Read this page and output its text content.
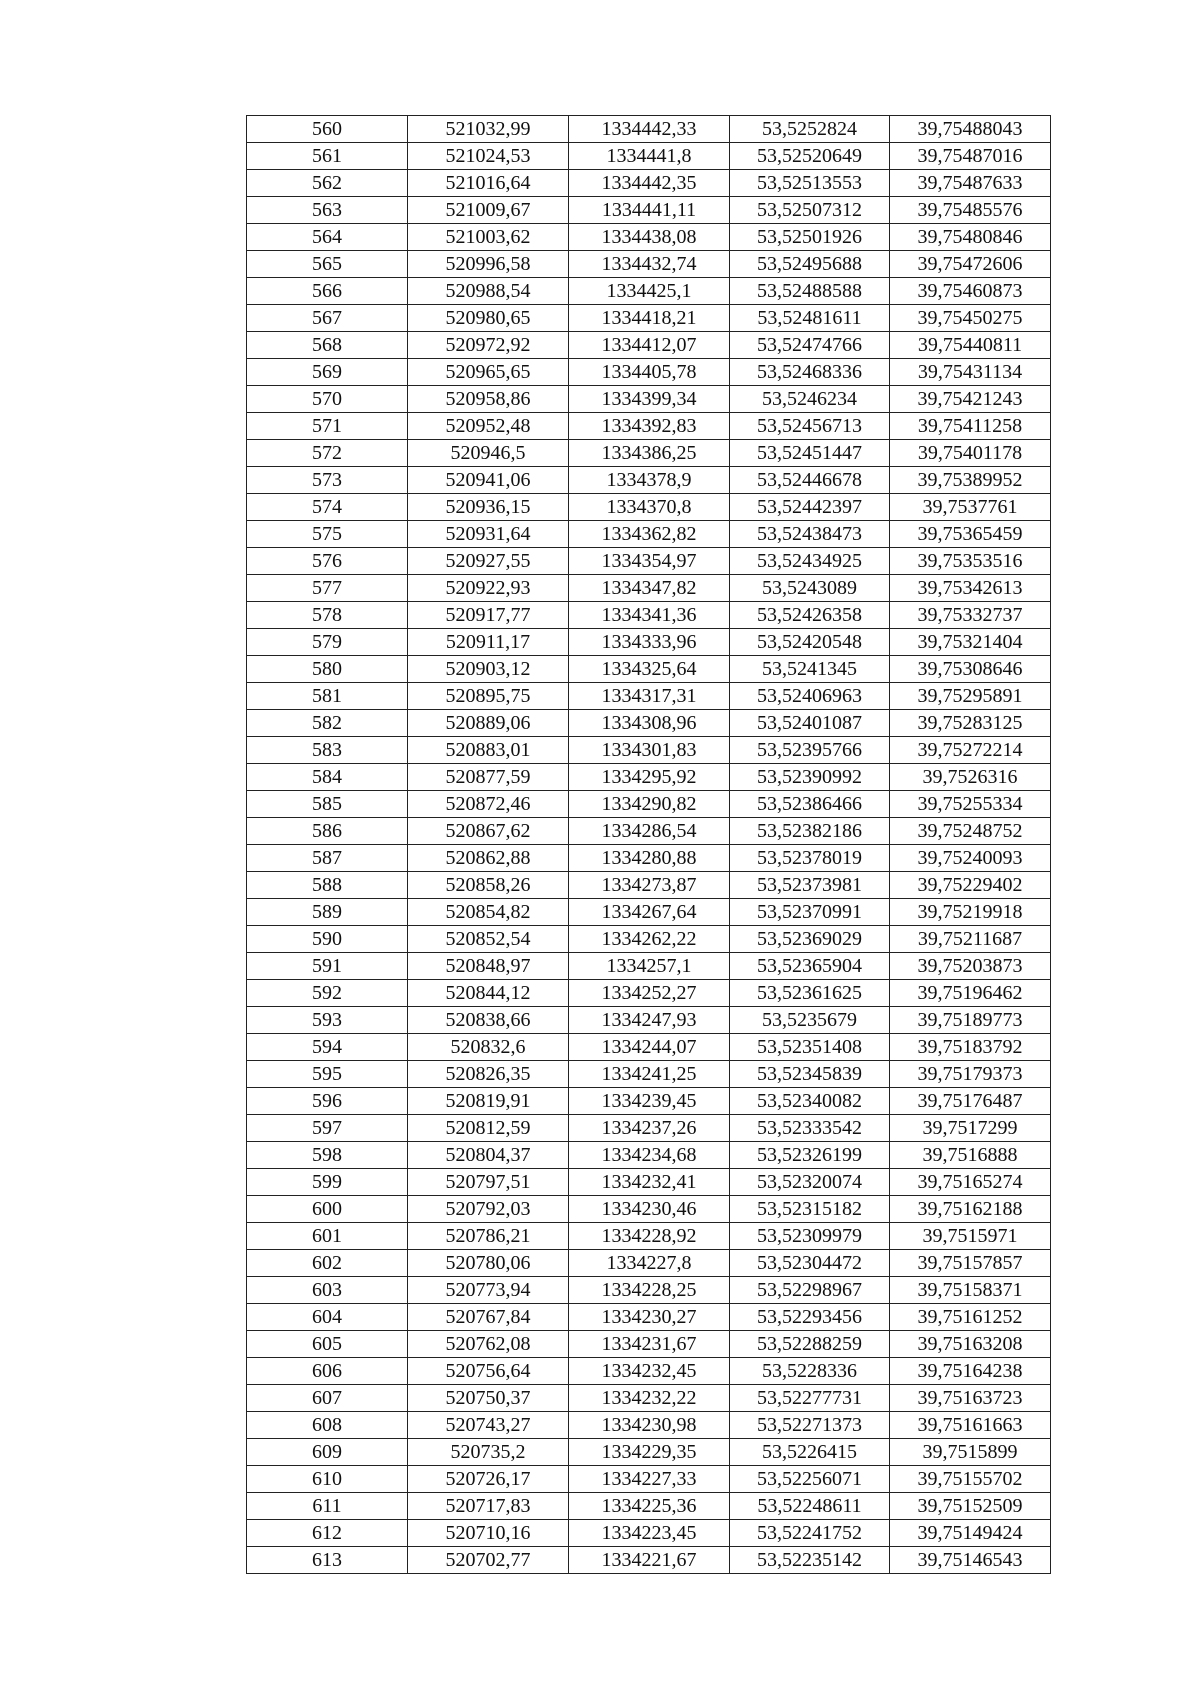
560	521032,99	1334442,33	53,5252824	39,75488043
561	521024,53	1334441,8	53,52520649	39,75487016
562	521016,64	1334442,35	53,52513553	39,75487633
563	521009,67	1334441,11	53,52507312	39,75485576
564	521003,62	1334438,08	53,52501926	39,75480846
565	520996,58	1334432,74	53,52495688	39,75472606
566	520988,54	1334425,1	53,52488588	39,75460873
567	520980,65	1334418,21	53,52481611	39,75450275
568	520972,92	1334412,07	53,52474766	39,75440811
569	520965,65	1334405,78	53,52468336	39,75431134
570	520958,86	1334399,34	53,5246234	39,75421243
571	520952,48	1334392,83	53,52456713	39,75411258
572	520946,5	1334386,25	53,52451447	39,75401178
573	520941,06	1334378,9	53,52446678	39,75389952
574	520936,15	1334370,8	53,52442397	39,7537761
575	520931,64	1334362,82	53,52438473	39,75365459
576	520927,55	1334354,97	53,52434925	39,75353516
577	520922,93	1334347,82	53,5243089	39,75342613
578	520917,77	1334341,36	53,52426358	39,75332737
579	520911,17	1334333,96	53,52420548	39,75321404
580	520903,12	1334325,64	53,5241345	39,75308646
581	520895,75	1334317,31	53,52406963	39,75295891
582	520889,06	1334308,96	53,52401087	39,75283125
583	520883,01	1334301,83	53,52395766	39,75272214
584	520877,59	1334295,92	53,52390992	39,7526316
585	520872,46	1334290,82	53,52386466	39,75255334
586	520867,62	1334286,54	53,52382186	39,75248752
587	520862,88	1334280,88	53,52378019	39,75240093
588	520858,26	1334273,87	53,52373981	39,75229402
589	520854,82	1334267,64	53,52370991	39,75219918
590	520852,54	1334262,22	53,52369029	39,75211687
591	520848,97	1334257,1	53,52365904	39,75203873
592	520844,12	1334252,27	53,52361625	39,75196462
593	520838,66	1334247,93	53,5235679	39,75189773
594	520832,6	1334244,07	53,52351408	39,75183792
595	520826,35	1334241,25	53,52345839	39,75179373
596	520819,91	1334239,45	53,52340082	39,75176487
597	520812,59	1334237,26	53,52333542	39,7517299
598	520804,37	1334234,68	53,52326199	39,7516888
599	520797,51	1334232,41	53,52320074	39,75165274
600	520792,03	1334230,46	53,52315182	39,75162188
601	520786,21	1334228,92	53,52309979	39,7515971
602	520780,06	1334227,8	53,52304472	39,75157857
603	520773,94	1334228,25	53,52298967	39,75158371
604	520767,84	1334230,27	53,52293456	39,75161252
605	520762,08	1334231,67	53,52288259	39,75163208
606	520756,64	1334232,45	53,5228336	39,75164238
607	520750,37	1334232,22	53,52277731	39,75163723
608	520743,27	1334230,98	53,52271373	39,75161663
609	520735,2	1334229,35	53,5226415	39,7515899
610	520726,17	1334227,33	53,52256071	39,75155702
611	520717,83	1334225,36	53,52248611	39,75152509
612	520710,16	1334223,45	53,52241752	39,75149424
613	520702,77	1334221,67	53,52235142	39,75146543
